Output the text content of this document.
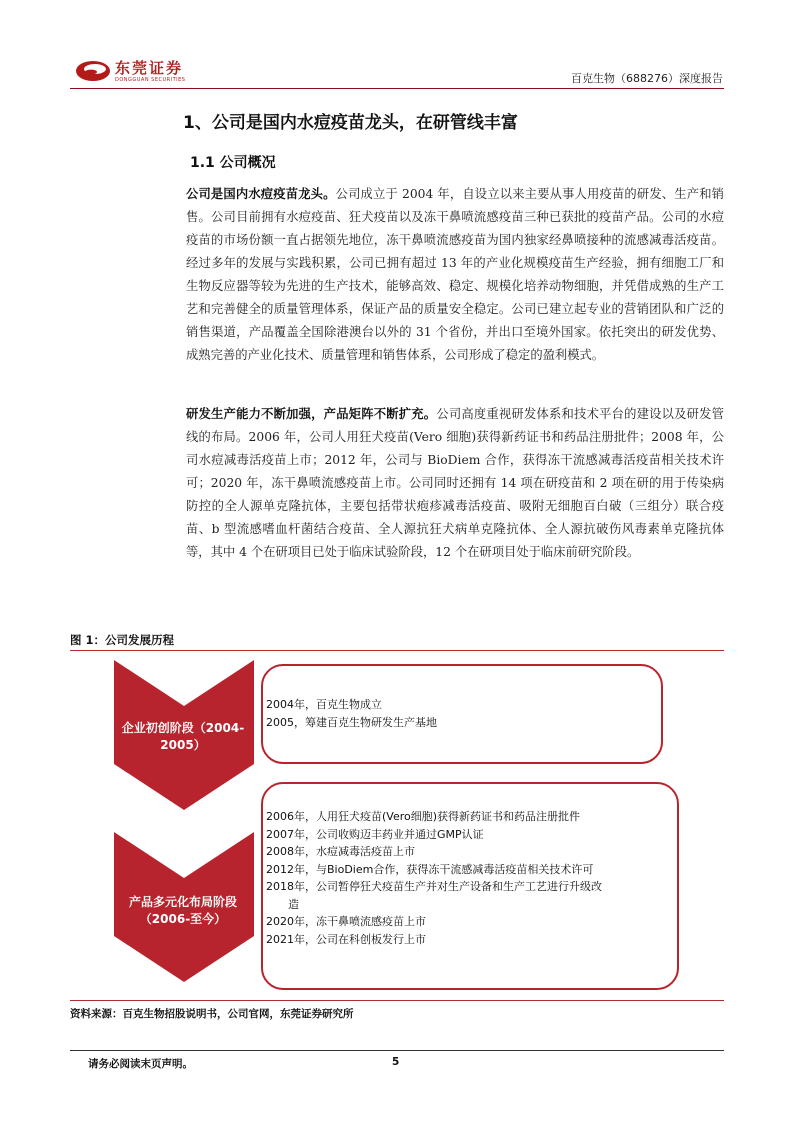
东莞证券
DONGGUAN SECURITIES	百克生物（688276）深度报告
1、公司是国内水痘疫苗龙头，在研管线丰富
1.1 公司概况
公司是国内水痘疫苗龙头。公司成立于 2004 年，自设立以来主要从事人用疫苗的研发、生产和销售。公司目前拥有水痘疫苗、狂犬疫苗以及冻干鼻喷流感疫苗三种已获批的疫苗产品。公司的水痘疫苗的市场份额一直占据领先地位，冻干鼻喷流感疫苗为国内独家经鼻喷接种的流感减毒活疫苗。经过多年的发展与实践积累，公司已拥有超过 13 年的产业化规模疫苗生产经验，拥有细胞工厂和生物反应器等较为先进的生产技术，能够高效、稳定、规模化培养动物细胞，并凭借成熟的生产工艺和完善健全的质量管理体系，保证产品的质量安全稳定。公司已建立起专业的营销团队和广泛的销售渠道，产品覆盖全国除港澳台以外的 31 个省份，并出口至境外国家。依托突出的研发优势、成熟完善的产业化技术、质量管理和销售体系，公司形成了稳定的盈利模式。
研发生产能力不断加强，产品矩阵不断扩充。公司高度重视研发体系和技术平台的建设以及研发管线的布局。2006 年，公司人用狂犬疫苗(Vero 细胞)获得新药证书和药品注册批件；2008 年，公司水痘减毒活疫苗上市；2012 年，公司与 BioDiem 合作，获得冻干流感减毒活疫苗相关技术许可；2020 年，冻干鼻喷流感疫苗上市。公司同时还拥有 14 项在研疫苗和 2 项在研的用于传染病防控的全人源单克隆抗体，主要包括带状疱疹减毒活疫苗、吸附无细胞百白破（三组分）联合疫苗、b 型流感嗜血杆菌结合疫苗、全人源抗狂犬病单克隆抗体、全人源抗破伤风毒素单克隆抗体等，其中 4 个在研项目已处于临床试验阶段，12 个在研项目处于临床前研究阶段。
图 1：公司发展历程
企业初创阶段（2004-
2005）
产品多元化布局阶段
（2006-至今）
2004年，百克生物成立
2005，筹建百克生物研发生产基地
2006年，人用狂犬疫苗(Vero细胞)获得新药证书和药品注册批件
2007年，公司收购迈丰药业并通过GMP认证
2008年，水痘减毒活疫苗上市
2012年，与BioDiem合作，获得冻干流感减毒活疫苗相关技术许可
2018年，公司暂停狂犬疫苗生产并对生产设备和生产工艺进行升级改
造
2020年，冻干鼻喷流感疫苗上市
2021年，公司在科创板发行上市
资料来源：百克生物招股说明书，公司官网，东莞证券研究所
请务必阅读末页声明。	5
